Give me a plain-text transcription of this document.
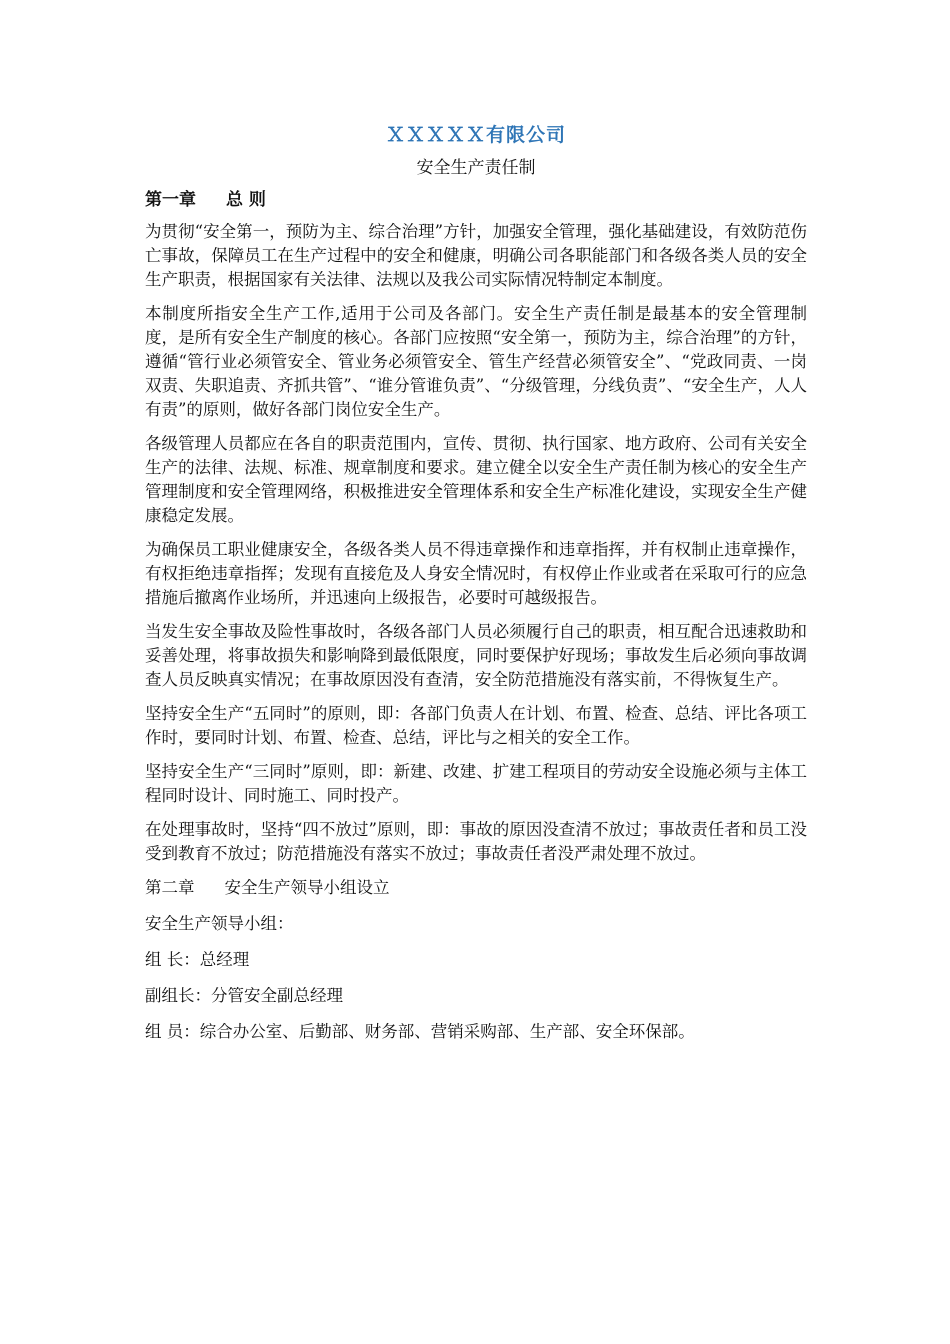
ＸＸＸＸＸ有限公司
安全生产责任制
第一章 总 则

为贯彻“安全第一，预防为主、综合治理”方针，加强安全管理，强化基础建设，有效防范伤亡事故，保障员工在生产过程中的安全和健康，明确公司各职能部门和各级各类人员的安全生产职责，根据国家有关法律、法规以及我公司实际情况特制定本制度。

本制度所指安全生产工作,适用于公司及各部门。安全生产责任制是最基本的安全管理制度，是所有安全生产制度的核心。各部门应按照“安全第一，预防为主，综合治理”的方针，遵循“管行业必须管安全、管业务必须管安全、管生产经营必须管安全”、“党政同责、一岗双责、失职追责、齐抓共管”、“谁分管谁负责”、“分级管理，分线负责”、“安全生产，人人有责”的原则，做好各部门岗位安全生产。

各级管理人员都应在各自的职责范围内，宣传、贯彻、执行国家、地方政府、公司有关安全生产的法律、法规、标准、规章制度和要求。建立健全以安全生产责任制为核心的安全生产管理制度和安全管理网络，积极推进安全管理体系和安全生产标准化建设，实现安全生产健康稳定发展。

为确保员工职业健康安全，各级各类人员不得违章操作和违章指挥，并有权制止违章操作，有权拒绝违章指挥；发现有直接危及人身安全情况时，有权停止作业或者在采取可行的应急措施后撤离作业场所，并迅速向上级报告，必要时可越级报告。

当发生安全事故及险性事故时，各级各部门人员必须履行自己的职责，相互配合迅速救助和妥善处理，将事故损失和影响降到最低限度，同时要保护好现场；事故发生后必须向事故调查人员反映真实情况；在事故原因没有查清，安全防范措施没有落实前，不得恢复生产。

坚持安全生产“五同时”的原则，即：各部门负责人在计划、布置、检查、总结、评比各项工作时，要同时计划、布置、检查、总结，评比与之相关的安全工作。

坚持安全生产“三同时”原则，即：新建、改建、扩建工程项目的劳动安全设施必须与主体工程同时设计、同时施工、同时投产。

在处理事故时，坚持“四不放过”原则，即：事故的原因没查清不放过；事故责任者和员工没受到教育不放过；防范措施没有落实不放过；事故责任者没严肃处理不放过。

第二章 安全生产领导小组设立
安全生产领导小组：
组 长：总经理
副组长：分管安全副总经理
组 员：综合办公室、后勤部、财务部、营销采购部、生产部、安全环保部。
